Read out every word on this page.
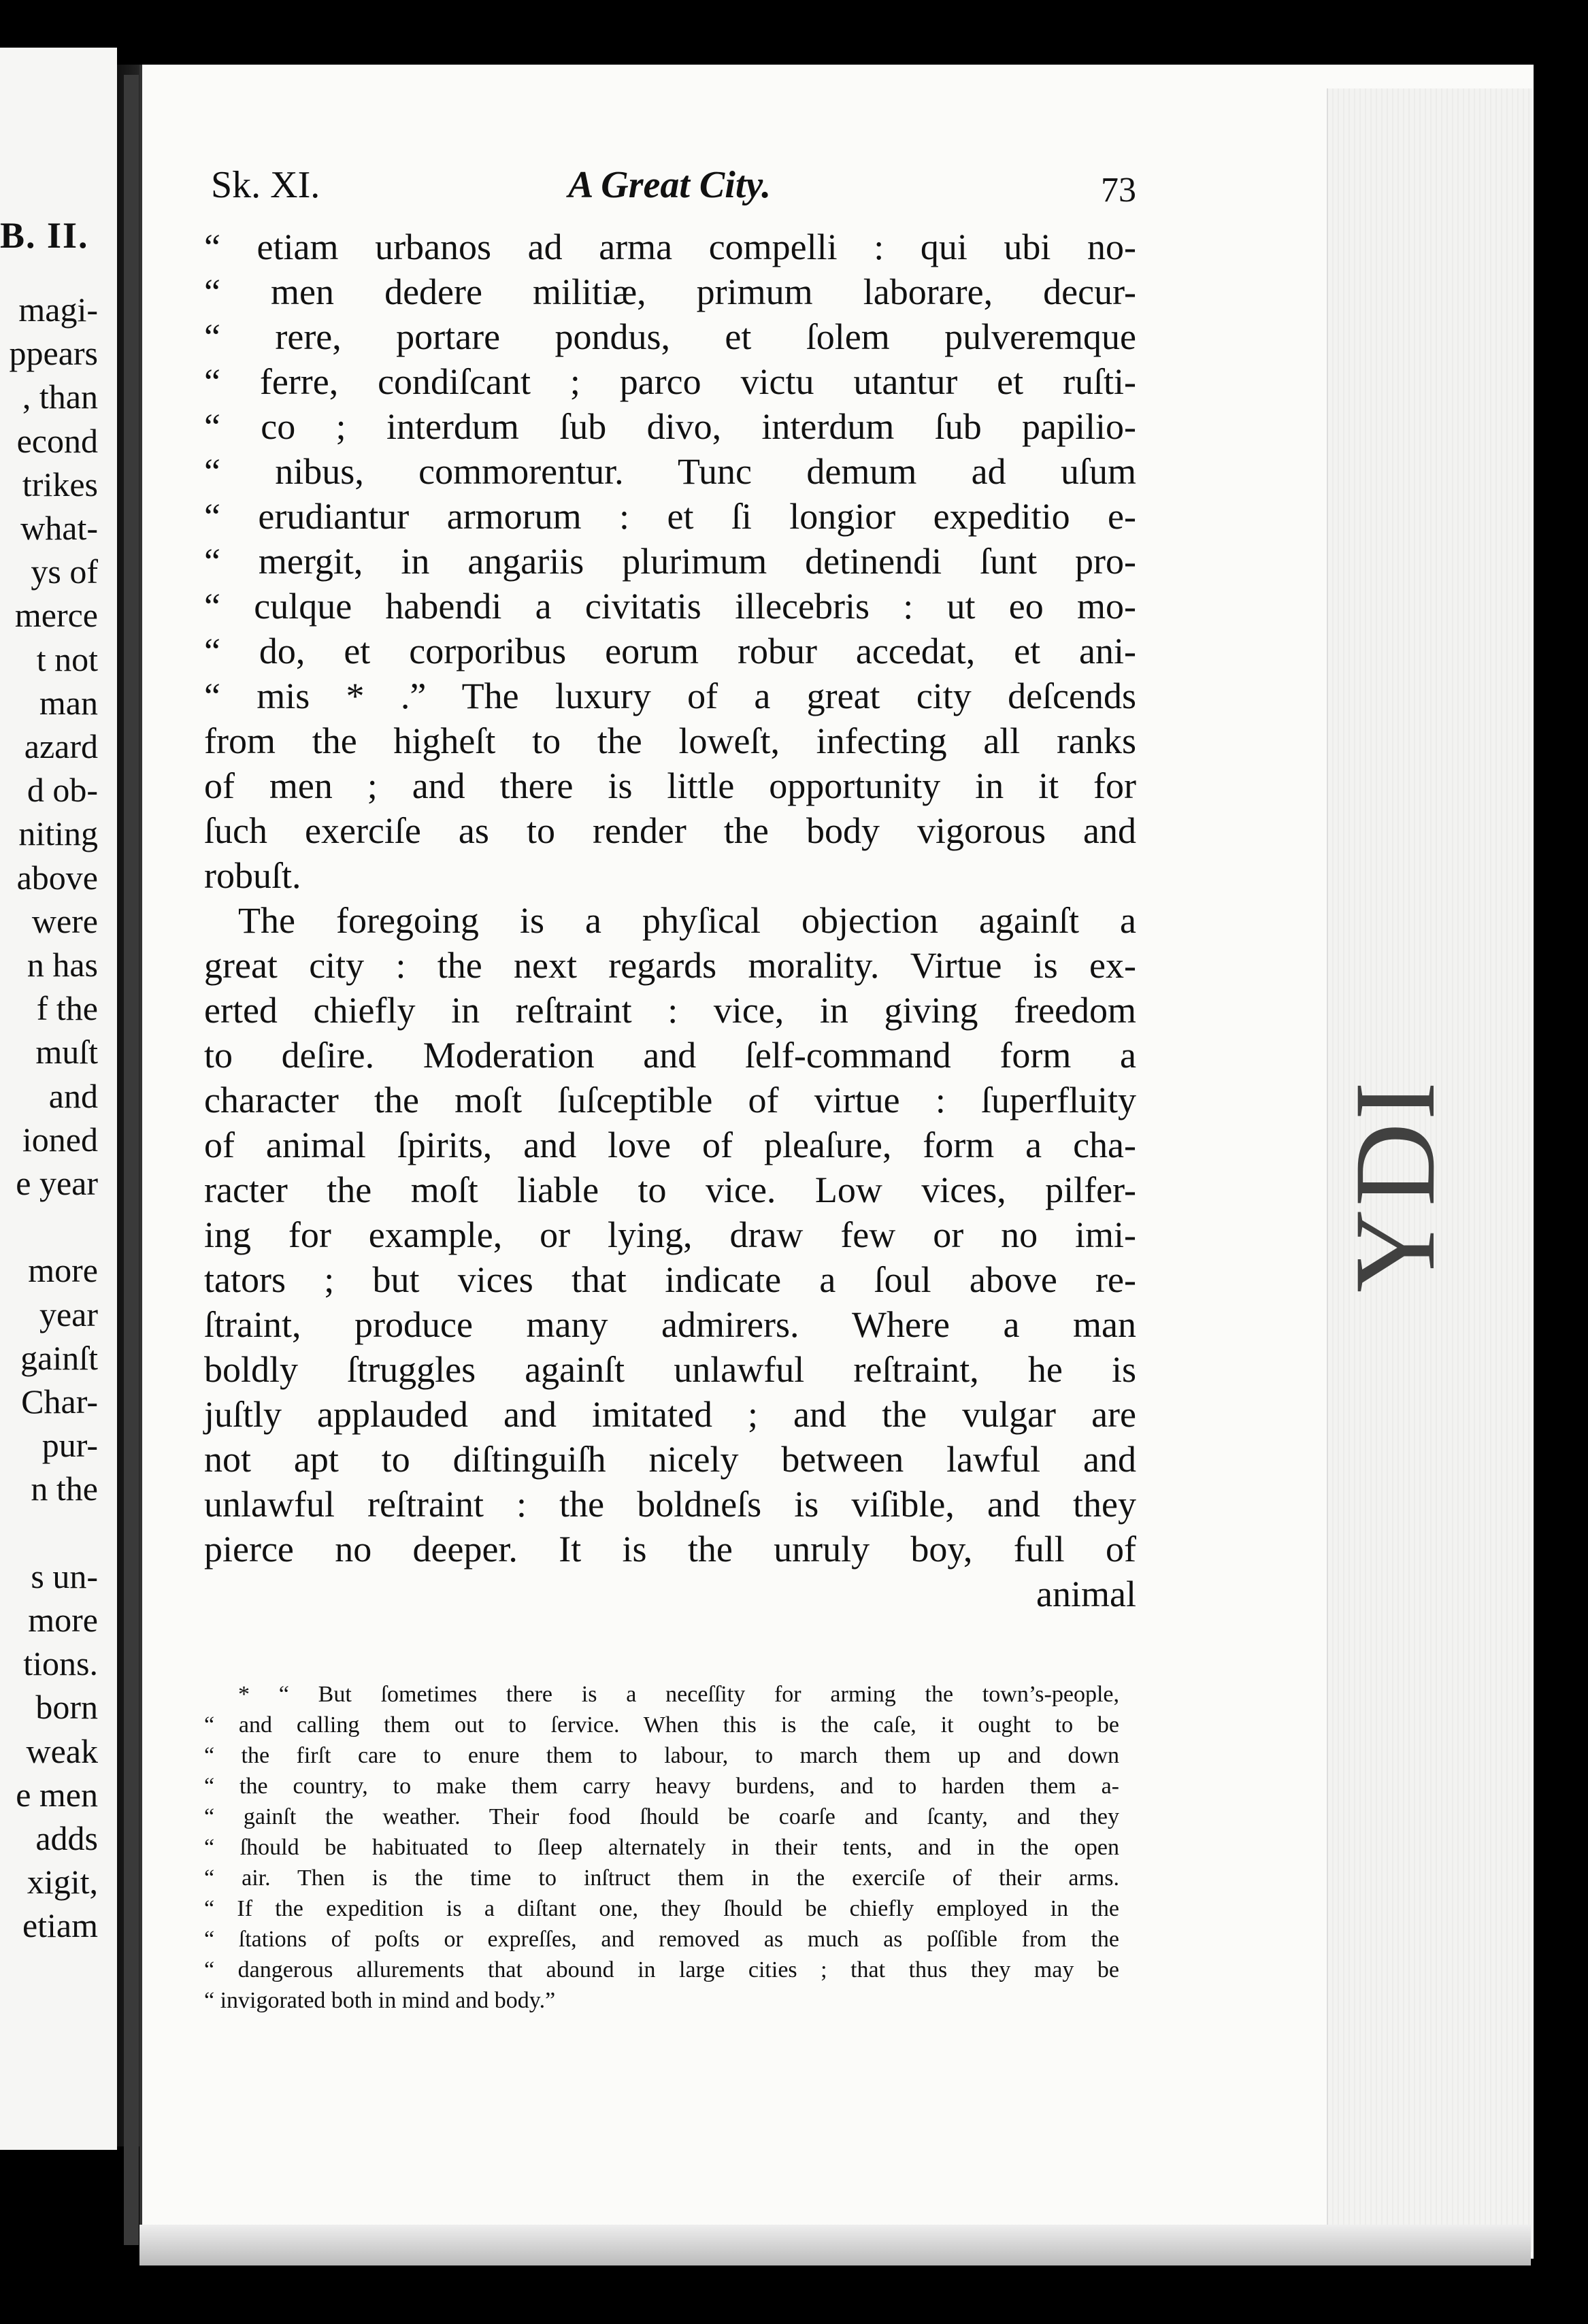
B. II.
magi-
ppears
, than
econd
trikes
what-
ys of
merce
t not
man
azard
d ob-
niting
above
were
n has
f the
muſt
and
ioned
e year
more
year
gainſt
Char-
pur-
n the
s un-
more
tions.
born
weak
e men
adds
xigit,
etiam
Sk. XI.	A Great City.	73
“ etiam urbanos ad arma compelli : qui ubi no-
“ men dedere militiæ, primum laborare, decur-
“ rere, portare pondus, et ſolem pulveremque
“ ferre, condiſcant ; parco victu utantur et ruſti-
“ co ; interdum ſub divo, interdum ſub papilio-
“ nibus, commorentur. Tunc demum ad uſum
“ erudiantur armorum : et ſi longior expeditio e-
“ mergit, in angariis plurimum detinendi ſunt pro-
“ culque habendi a civitatis illecebris : ut eo mo-
“ do, et corporibus eorum robur accedat, et ani-
“ mis * .” The luxury of a great city deſcends
from the higheſt to the loweſt, infecting all ranks
of men ; and there is little opportunity in it for
ſuch exerciſe as to render the body vigorous and
robuſt.
The foregoing is a phyſical objection againſt a
great city : the next regards morality. Virtue is ex-
erted chiefly in reſtraint : vice, in giving freedom
to deſire. Moderation and ſelf-command form a
character the moſt ſuſceptible of virtue : ſuperfluity
of animal ſpirits, and love of pleaſure, form a cha-
racter the moſt liable to vice. Low vices, pilfer-
ing for example, or lying, draw few or no imi-
tators ; but vices that indicate a ſoul above re-
ſtraint, produce many admirers. Where a man
boldly ſtruggles againſt unlawful reſtraint, he is
juſtly applauded and imitated ; and the vulgar are
not apt to diſtinguiſh nicely between lawful and
unlawful reſtraint : the boldneſs is viſible, and they
pierce no deeper. It is the unruly boy, full of
animal
* “ But ſometimes there is a neceſſity for arming the town’s-people,
“ and calling them out to ſervice. When this is the caſe, it ought to be
“ the firſt care to enure them to labour, to march them up and down
“ the country, to make them carry heavy burdens, and to harden them a-
“ gainſt the weather. Their food ſhould be coarſe and ſcanty, and they
“ ſhould be habituated to ſleep alternately in their tents, and in the open
“ air. Then is the time to inſtruct them in the exerciſe of their arms.
“ If the expedition is a diſtant one, they ſhould be chiefly employed in the
“ ſtations of poſts or expreſſes, and removed as much as poſſible from the
“ dangerous allurements that abound in large cities ; that thus they may be
“ invigorated both in mind and body.”
